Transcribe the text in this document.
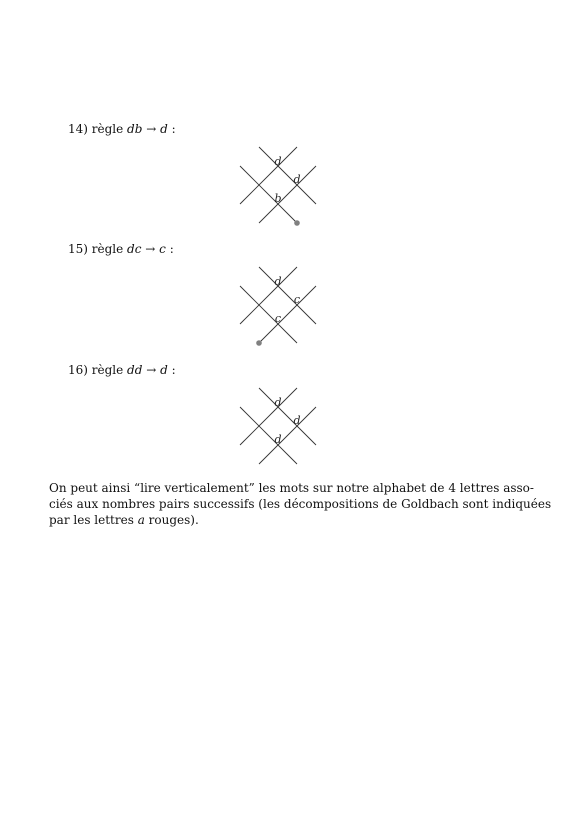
14) règle db → d :
d
d
b
15) règle dc → c :
d
c
c
16) règle dd → d :
d
d
d

On peut ainsi “lire verticalement” les mots sur notre alphabet de 4 lettres asso-

ciés aux nombres pairs successifs (les décompositions de Goldbach sont indiquées

par les lettres a rouges).
